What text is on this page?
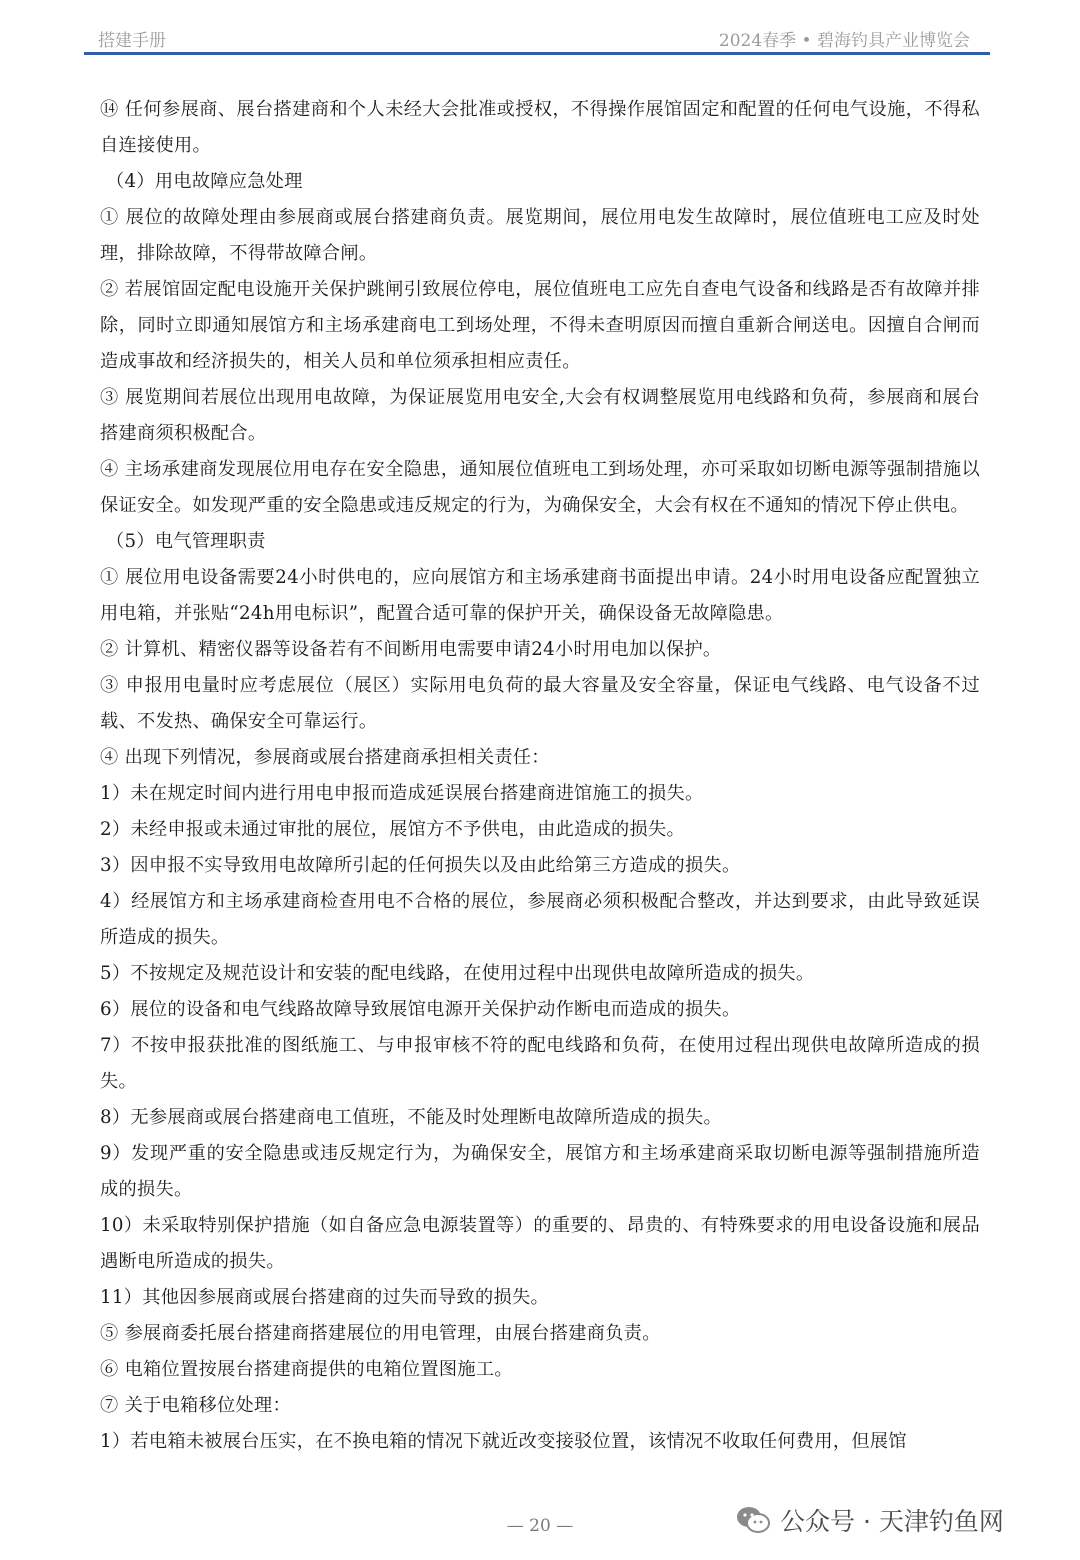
搭建手册	2024春季 • 碧海钓具产业博览会

⑭ 任何参展商、展台搭建商和个人未经大会批准或授权，不得操作展馆固定和配置的任何电气设施，不得私自连接使用。

（4）用电故障应急处理

① 展位的故障处理由参展商或展台搭建商负责。展览期间，展位用电发生故障时，展位值班电工应及时处理，排除故障，不得带故障合闸。

② 若展馆固定配电设施开关保护跳闸引致展位停电，展位值班电工应先自查电气设备和线路是否有故障并排除，同时立即通知展馆方和主场承建商电工到场处理，不得未查明原因而擅自重新合闸送电。因擅自合闸而造成事故和经济损失的，相关人员和单位须承担相应责任。

③ 展览期间若展位出现用电故障，为保证展览用电安全,大会有权调整展览用电线路和负荷，参展商和展台搭建商须积极配合。

④ 主场承建商发现展位用电存在安全隐患，通知展位值班电工到场处理，亦可采取如切断电源等强制措施以保证安全。如发现严重的安全隐患或违反规定的行为，为确保安全，大会有权在不通知的情况下停止供电。

（5）电气管理职责

① 展位用电设备需要24小时供电的，应向展馆方和主场承建商书面提出申请。24小时用电设备应配置独立用电箱，并张贴“24h用电标识”，配置合适可靠的保护开关，确保设备无故障隐患。

② 计算机、精密仪器等设备若有不间断用电需要申请24小时用电加以保护。

③ 申报用电量时应考虑展位（展区）实际用电负荷的最大容量及安全容量，保证电气线路、电气设备不过载、不发热、确保安全可靠运行。

④ 出现下列情况，参展商或展台搭建商承担相关责任：

1）未在规定时间内进行用电申报而造成延误展台搭建商进馆施工的损失。

2）未经申报或未通过审批的展位，展馆方不予供电，由此造成的损失。

3）因申报不实导致用电故障所引起的任何损失以及由此给第三方造成的损失。

4）经展馆方和主场承建商检查用电不合格的展位，参展商必须积极配合整改，并达到要求，由此导致延误所造成的损失。

5）不按规定及规范设计和安装的配电线路，在使用过程中出现供电故障所造成的损失。

6）展位的设备和电气线路故障导致展馆电源开关保护动作断电而造成的损失。

7）不按申报获批准的图纸施工、与申报审核不符的配电线路和负荷，在使用过程出现供电故障所造成的损失。

8）无参展商或展台搭建商电工值班，不能及时处理断电故障所造成的损失。

9）发现严重的安全隐患或违反规定行为，为确保安全，展馆方和主场承建商采取切断电源等强制措施所造成的损失。

10）未采取特别保护措施（如自备应急电源装置等）的重要的、昂贵的、有特殊要求的用电设备设施和展品遇断电所造成的损失。

11）其他因参展商或展台搭建商的过失而导致的损失。

⑤ 参展商委托展台搭建商搭建展位的用电管理，由展台搭建商负责。

⑥ 电箱位置按展台搭建商提供的电箱位置图施工。

⑦ 关于电箱移位处理：

1）若电箱未被展台压实，在不换电箱的情况下就近改变接驳位置，该情况不收取任何费用，但展馆

— 20 —	公众号 · 天津钓鱼网
